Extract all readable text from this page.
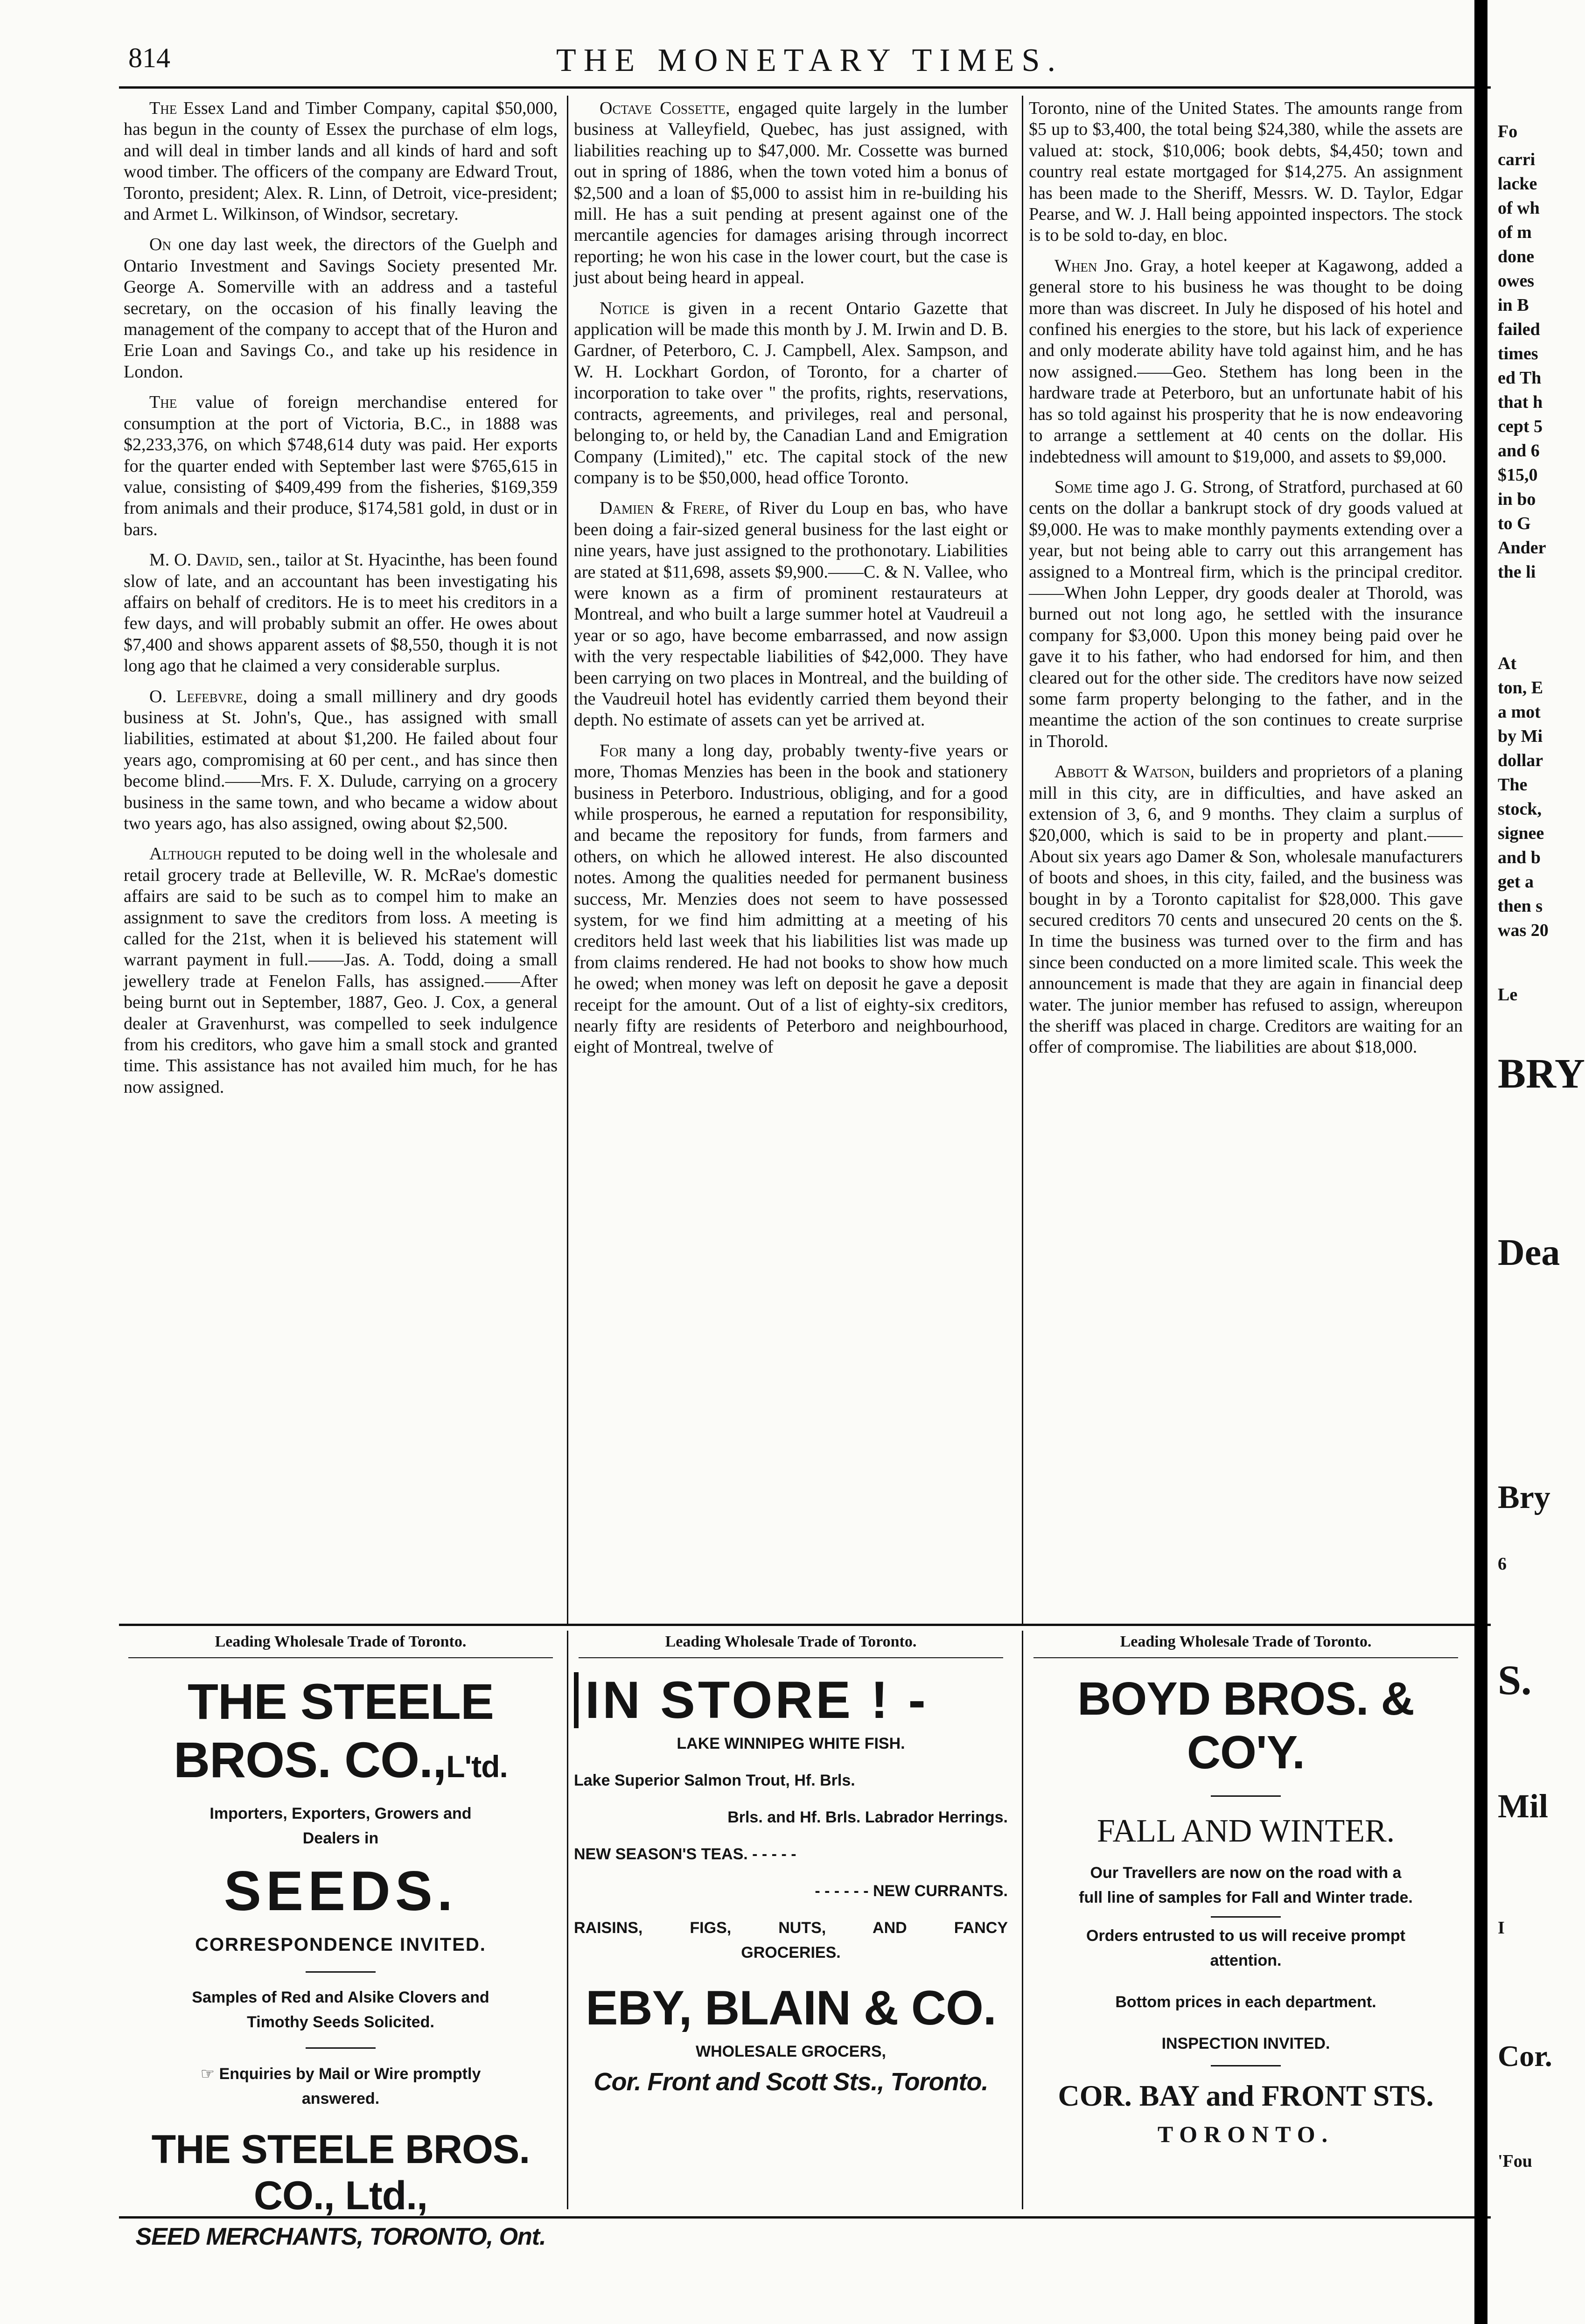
814	THE MONETARY TIMES.

The Essex Land and Timber Company, capital $50,000, has begun in the county of Essex the purchase of elm logs, and will deal in timber lands and all kinds of hard and soft wood timber. The officers of the company are Edward Trout, Toronto, president; Alex. R. Linn, of Detroit, vice-president; and Armet L. Wilkinson, of Windsor, secretary.

On one day last week, the directors of the Guelph and Ontario Investment and Savings Society presented Mr. George A. Somerville with an address and a tasteful secretary, on the occasion of his finally leaving the management of the company to accept that of the Huron and Erie Loan and Savings Co., and take up his residence in London.

The value of foreign merchandise entered for consumption at the port of Victoria, B.C., in 1888 was $2,233,376, on which $748,614 duty was paid. Her exports for the quarter ended with September last were $765,615 in value, consisting of $409,499 from the fisheries, $169,359 from animals and their produce, $174,581 gold, in dust or in bars.

M. O. David, sen., tailor at St. Hyacinthe, has been found slow of late, and an accountant has been investigating his affairs on behalf of creditors. He is to meet his creditors in a few days, and will probably submit an offer. He owes about $7,400 and shows apparent assets of $8,550, though it is not long ago that he claimed a very considerable surplus.

O. Lefebvre, doing a small millinery and dry goods business at St. John's, Que., has assigned with small liabilities, estimated at about $1,200. He failed about four years ago, compromising at 60 per cent., and has since then become blind.——Mrs. F. X. Dulude, carrying on a grocery business in the same town, and who became a widow about two years ago, has also assigned, owing about $2,500.

Although reputed to be doing well in the wholesale and retail grocery trade at Belleville, W. R. McRae's domestic affairs are said to be such as to compel him to make an assignment to save the creditors from loss. A meeting is called for the 21st, when it is believed his statement will warrant payment in full.——Jas. A. Todd, doing a small jewellery trade at Fenelon Falls, has assigned.——After being burnt out in September, 1887, Geo. J. Cox, a general dealer at Gravenhurst, was compelled to seek indulgence from his creditors, who gave him a small stock and granted time. This assistance has not availed him much, for he has now assigned.

Octave Cossette, engaged quite largely in the lumber business at Valleyfield, Quebec, has just assigned, with liabilities reaching up to $47,000. Mr. Cossette was burned out in spring of 1886, when the town voted him a bonus of $2,500 and a loan of $5,000 to assist him in re-building his mill. He has a suit pending at present against one of the mercantile agencies for damages arising through incorrect reporting; he won his case in the lower court, but the case is just about being heard in appeal.

Notice is given in a recent Ontario Gazette that application will be made this month by J. M. Irwin and D. B. Gardner, of Peterboro, C. J. Campbell, Alex. Sampson, and W. H. Lockhart Gordon, of Toronto, for a charter of incorporation to take over " the profits, rights, reservations, contracts, agreements, and privileges, real and personal, belonging to, or held by, the Canadian Land and Emigration Company (Limited)," etc. The capital stock of the new company is to be $50,000, head office Toronto.

Damien & Frere, of River du Loup en bas, who have been doing a fair-sized general business for the last eight or nine years, have just assigned to the prothonotary. Liabilities are stated at $11,698, assets $9,900.——C. & N. Vallee, who were known as a firm of prominent restaurateurs at Montreal, and who built a large summer hotel at Vaudreuil a year or so ago, have become embarrassed, and now assign with the very respectable liabilities of $42,000. They have been carrying on two places in Montreal, and the building of the Vaudreuil hotel has evidently carried them beyond their depth. No estimate of assets can yet be arrived at.

For many a long day, probably twenty-five years or more, Thomas Menzies has been in the book and stationery business in Peterboro. Industrious, obliging, and for a good while prosperous, he earned a reputation for responsibility, and became the repository for funds, from farmers and others, on which he allowed interest. He also discounted notes. Among the qualities needed for permanent business success, Mr. Menzies does not seem to have possessed system, for we find him admitting at a meeting of his creditors held last week that his liabilities list was made up from claims rendered. He had not books to show how much he owed; when money was left on deposit he gave a deposit receipt for the amount. Out of a list of eighty-six creditors, nearly fifty are residents of Peterboro and neighbourhood, eight of Montreal, twelve of

Toronto, nine of the United States. The amounts range from $5 up to $3,400, the total being $24,380, while the assets are valued at: stock, $10,006; book debts, $4,450; town and country real estate mortgaged for $14,275. An assignment has been made to the Sheriff, Messrs. W. D. Taylor, Edgar Pearse, and W. J. Hall being appointed inspectors. The stock is to be sold to-day, en bloc.

When Jno. Gray, a hotel keeper at Kagawong, added a general store to his business he was thought to be doing more than was discreet. In July he disposed of his hotel and confined his energies to the store, but his lack of experience and only moderate ability have told against him, and he has now assigned.——Geo. Stethem has long been in the hardware trade at Peterboro, but an unfortunate habit of his has so told against his prosperity that he is now endeavoring to arrange a settlement at 40 cents on the dollar. His indebtedness will amount to $19,000, and assets to $9,000.

Some time ago J. G. Strong, of Stratford, purchased at 60 cents on the dollar a bankrupt stock of dry goods valued at $9,000. He was to make monthly payments extending over a year, but not being able to carry out this arrangement has assigned to a Montreal firm, which is the principal creditor.——When John Lepper, dry goods dealer at Thorold, was burned out not long ago, he settled with the insurance company for $3,000. Upon this money being paid over he gave it to his father, who had endorsed for him, and then cleared out for the other side. The creditors have now seized some farm property belonging to the father, and in the meantime the action of the son continues to create surprise in Thorold.

Abbott & Watson, builders and proprietors of a planing mill in this city, are in difficulties, and have asked an extension of 3, 6, and 9 months. They claim a surplus of $20,000, which is said to be in property and plant.——About six years ago Damer & Son, wholesale manufacturers of boots and shoes, in this city, failed, and the business was bought in by a Toronto capitalist for $28,000. This gave secured creditors 70 cents and unsecured 20 cents on the $. In time the business was turned over to the firm and has since been conducted on a more limited scale. This week the announcement is made that they are again in financial deep water. The junior member has refused to assign, whereupon the sheriff was placed in charge. Creditors are waiting for an offer of compromise. The liabilities are about $18,000.

Leading Wholesale Trade of Toronto.
THE STEELE BROS. CO.,L'td.
Importers, Exporters, Growers and
Dealers in
SEEDS.
CORRESPONDENCE INVITED.
Samples of Red and Alsike Clovers and
Timothy Seeds Solicited.
☞ Enquiries by Mail or Wire promptly
answered.
THE STEELE BROS. CO., Ltd.,
SEED MERCHANTS, TORONTO, Ont.
Leading Wholesale Trade of Toronto.
IN STORE ! -
LAKE WINNIPEG WHITE FISH.
Lake Superior Salmon Trout, Hf. Brls.
Brls. and Hf. Brls. Labrador Herrings.
NEW SEASON'S TEAS. - - - - -
- - - - - - NEW CURRANTS.
RAISINS, FIGS, NUTS, AND FANCY
GROCERIES.
EBY, BLAIN & CO.
WHOLESALE GROCERS,
Cor. Front and Scott Sts., Toronto.
Leading Wholesale Trade of Toronto.
BOYD BROS. & CO'Y.
FALL AND WINTER.
Our Travellers are now on the road with a
full line of samples for Fall and Winter trade.
Orders entrusted to us will receive prompt
attention.
Bottom prices in each department.
INSPECTION INVITED.
COR. BAY and FRONT STS.
TORONTO.
Fo
carri
lacke
of wh
of m
done
owes
in B
failed
times
ed Th
that h
cept 5
and 6
$15,0
in bo
to G
Ander
the li
At
ton, E
a mot
by Mi
dollar
The
stock,
signee
and b
get a
then s
was 20
Le
BRY
Dea
Bry
6
S.
Mil
I
Cor.
'Fou
